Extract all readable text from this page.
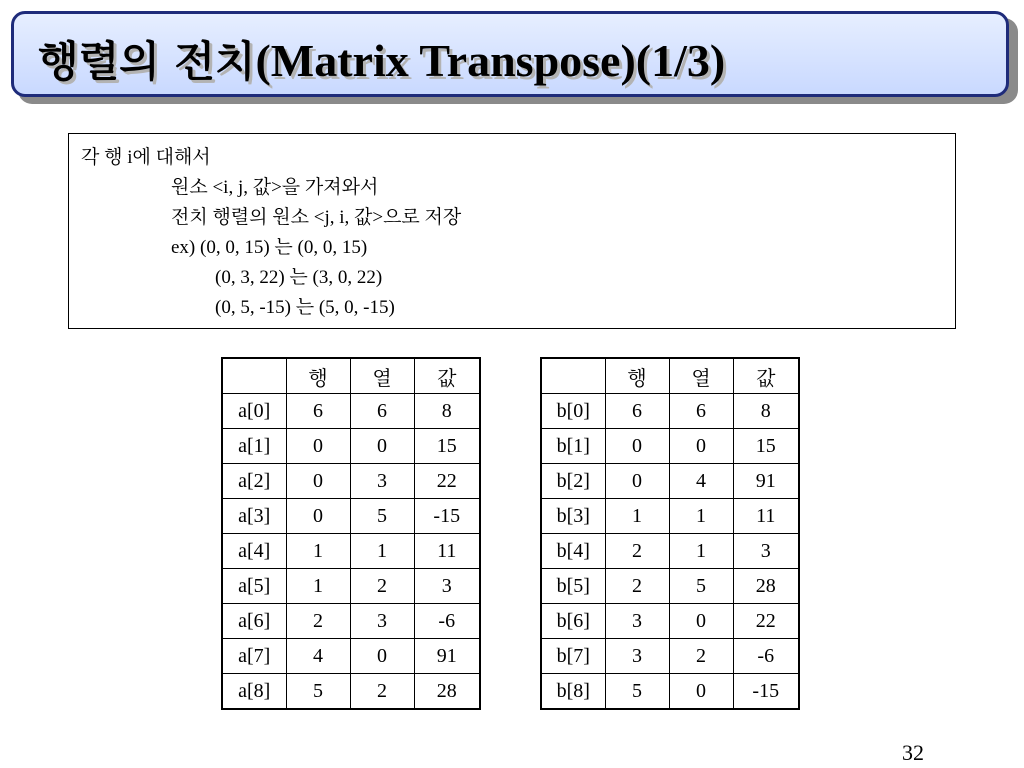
행렬의 전치(Matrix Transpose)(1/3)
각 행 i에 대해서
원소 <i, j, 값>을 가져와서
전치 행렬의 원소 <j, i, 값>으로 저장
ex) (0, 0, 15) 는 (0, 0, 15)
(0, 3, 22) 는 (3, 0, 22)
(0, 5, -15) 는 (5, 0, -15)
	행	열	값
a[0]	6	6	8
a[1]	0	0	15
a[2]	0	3	22
a[3]	0	5	-15
a[4]	1	1	11
a[5]	1	2	3
a[6]	2	3	-6
a[7]	4	0	91
a[8]	5	2	28
	행	열	값
b[0]	6	6	8
b[1]	0	0	15
b[2]	0	4	91
b[3]	1	1	11
b[4]	2	1	3
b[5]	2	5	28
b[6]	3	0	22
b[7]	3	2	-6
b[8]	5	0	-15
32
